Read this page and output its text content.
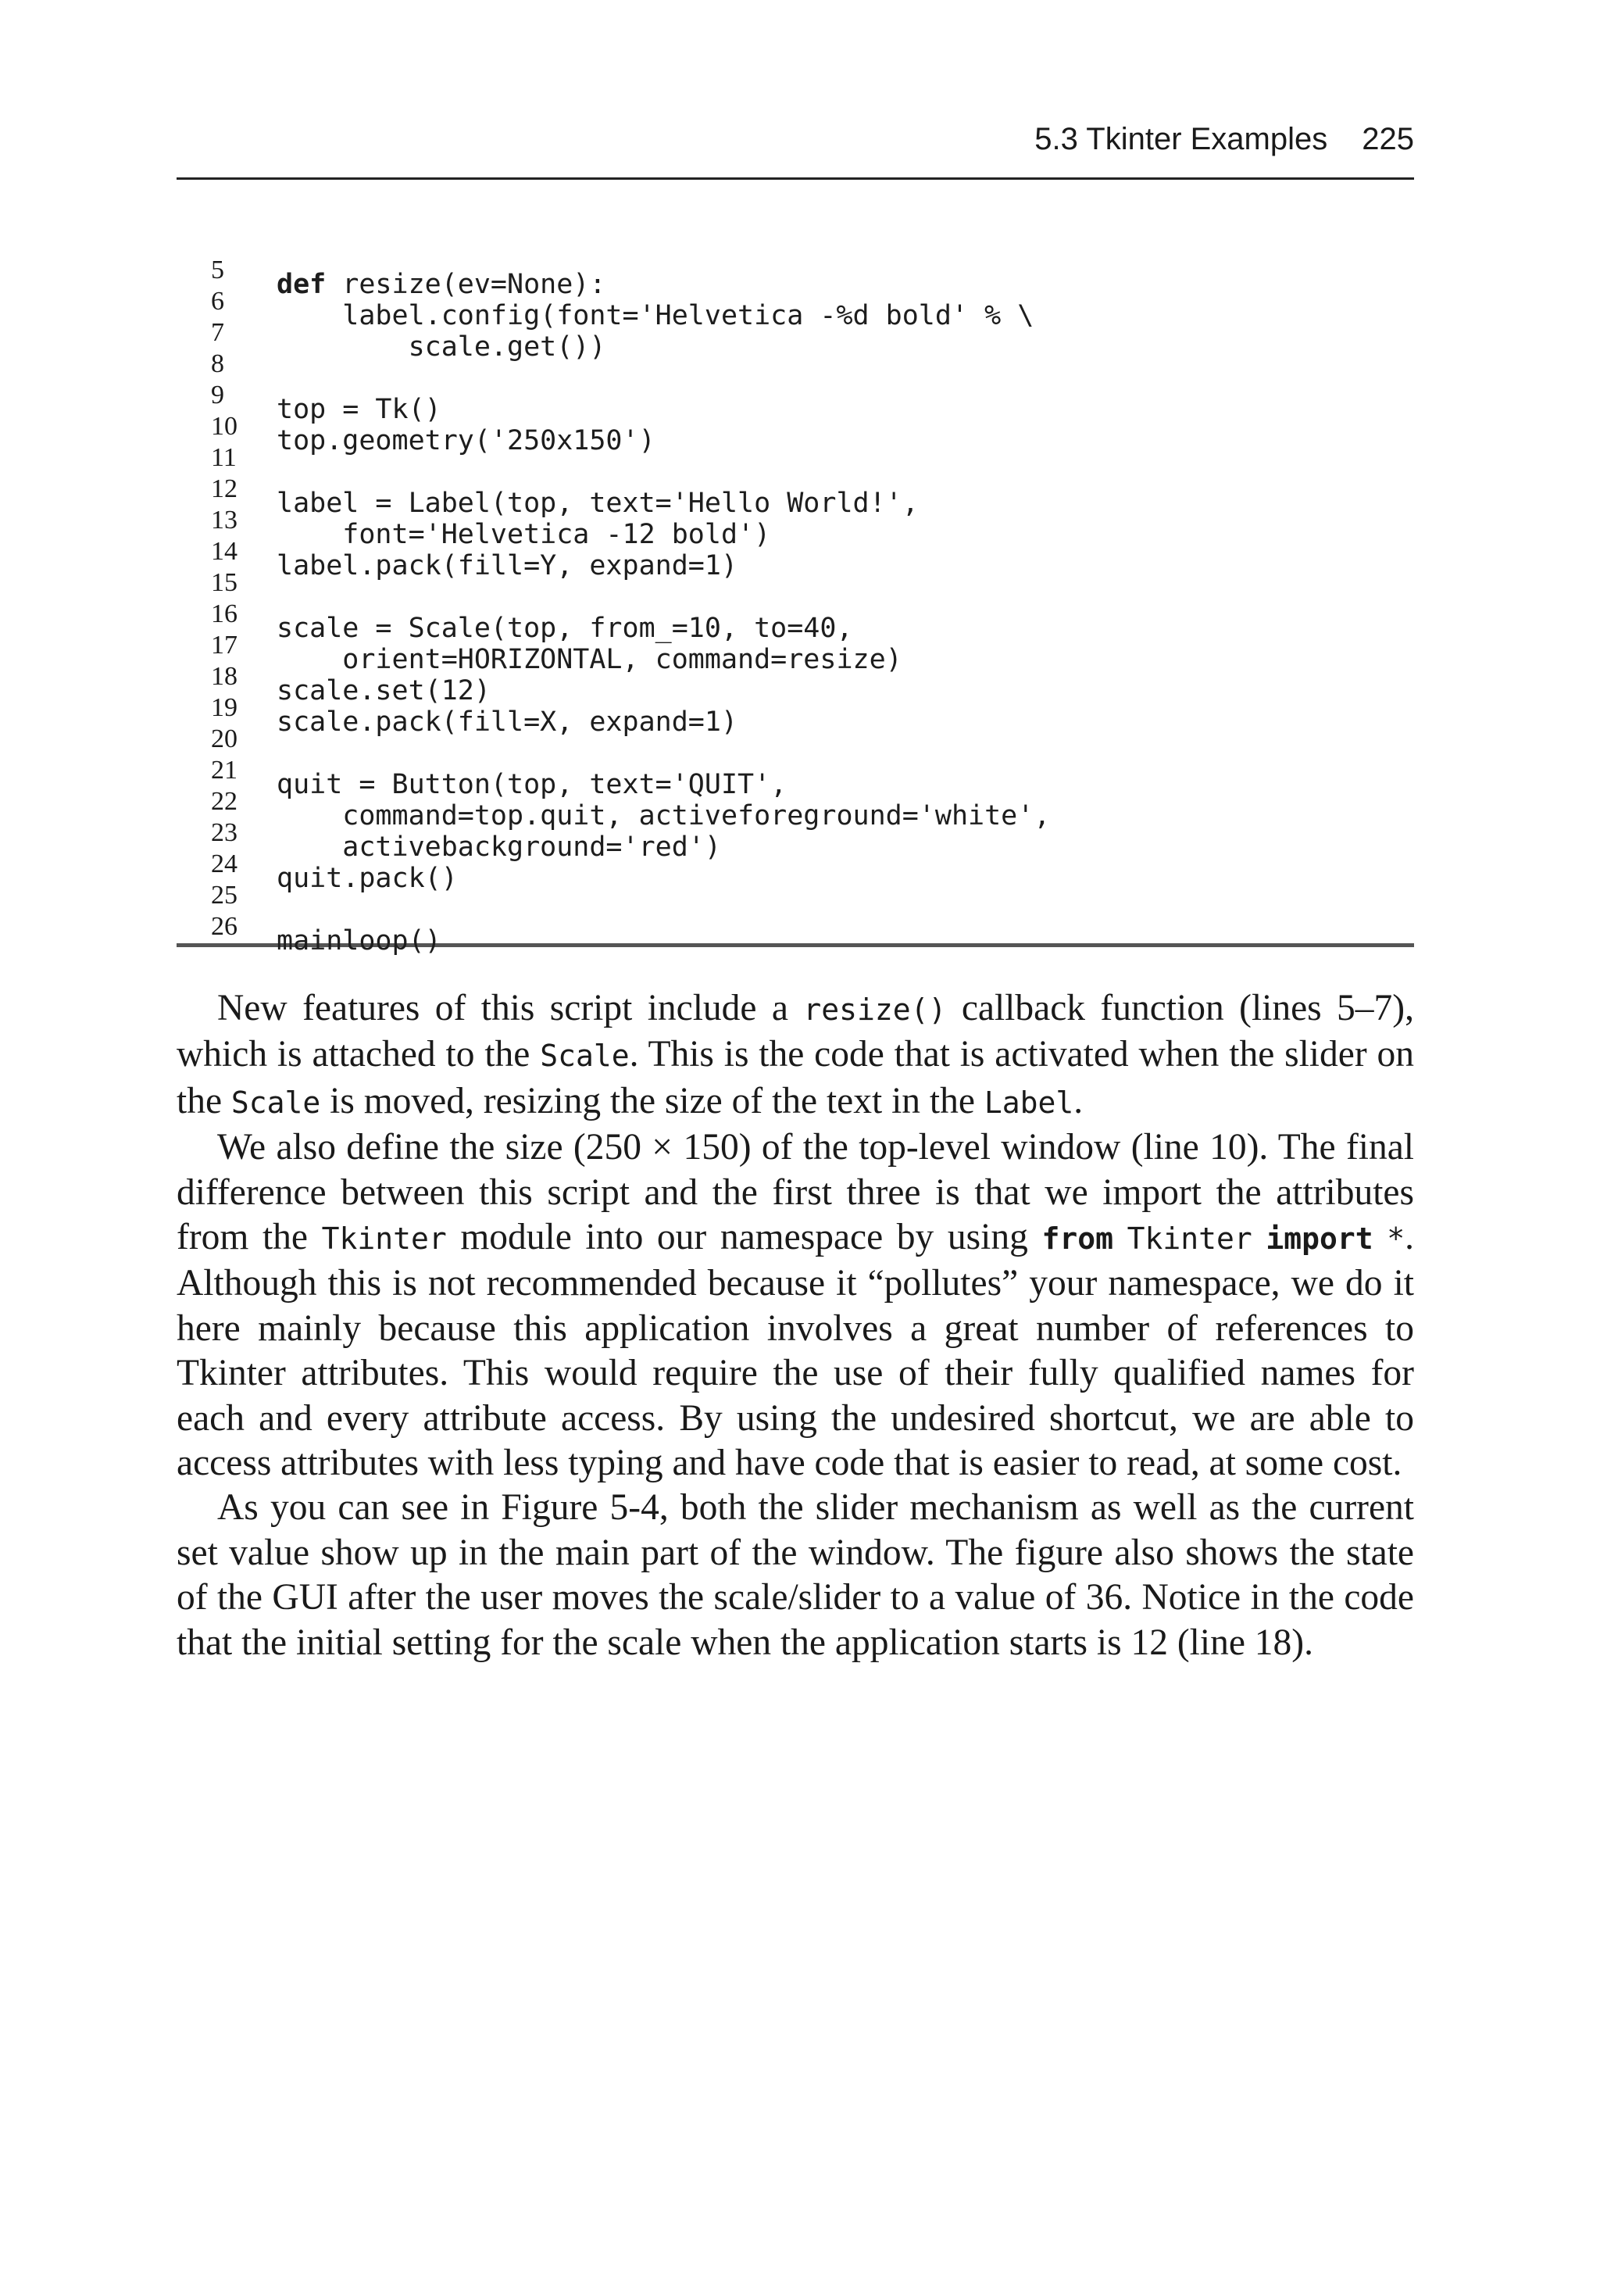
5.3 Tkinter Examples 225

5

	def resize(ev=None):

6

	label.config(font='Helvetica -%d bold' % \

7

	scale.get())

8

9

	top = Tk()

10

	top.geometry('250x150')

11

12

	label = Label(top, text='Hello World!',

13

	font='Helvetica -12 bold')

14

	label.pack(fill=Y, expand=1)

15

16

	scale = Scale(top, from_=10, to=40,

17

	orient=HORIZONTAL, command=resize)

18

	scale.set(12)

19

	scale.pack(fill=X, expand=1)

20

21

	quit = Button(top, text='QUIT',

22

	command=top.quit, activeforeground='white',

23

	activebackground='red')

24

	quit.pack()

25

26

	mainloop()

New features of this script include a resize() callback function (lines 5–7), which is attached to the Scale. This is the code that is activated when the slider on the Scale is moved, resizing the size of the text in the Label.

We also define the size (250 × 150) of the top-level window (line 10). The final difference between this script and the first three is that we import the attributes from the Tkinter module into our namespace by using from Tkinter import *. Although this is not recommended because it “pollutes” your namespace, we do it here mainly because this application involves a great number of references to Tkinter attributes. This would require the use of their fully qualified names for each and every attribute access. By using the undesired shortcut, we are able to access attributes with less typing and have code that is easier to read, at some cost.

As you can see in Figure 5-4, both the slider mechanism as well as the current set value show up in the main part of the window. The figure also shows the state of the GUI after the user moves the scale/slider to a value of 36. Notice in the code that the initial setting for the scale when the application starts is 12 (line 18).
